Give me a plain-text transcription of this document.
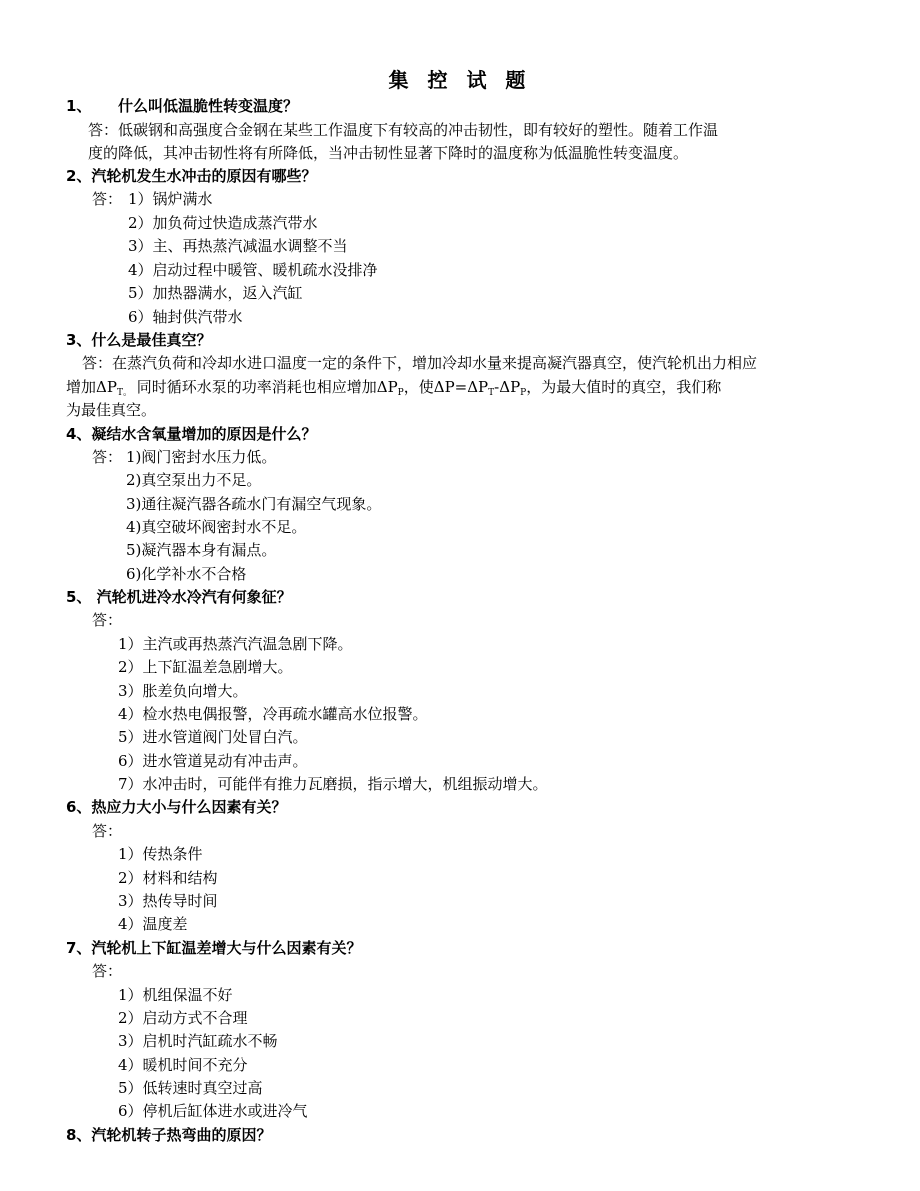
集 控 试 题
1、 什么叫低温脆性转变温度？
答：低碳钢和高强度合金钢在某些工作温度下有较高的冲击韧性，即有较好的塑性。随着工作温
度的降低，其冲击韧性将有所降低，当冲击韧性显著下降时的温度称为低温脆性转变温度。
2、汽轮机发生水冲击的原因有哪些？
答： 1）锅炉满水
2）加负荷过快造成蒸汽带水
3）主、再热蒸汽减温水调整不当
4）启动过程中暖管、暖机疏水没排净
5）加热器满水，返入汽缸
6）轴封供汽带水
3、什么是最佳真空？
答：在蒸汽负荷和冷却水进口温度一定的条件下，增加冷却水量来提高凝汽器真空，使汽轮机出力相应
增加$\Delta P_{T。}$ 同时循环水泵的功率消耗也相应增加$\Delta P_P$，使$\Delta P=\Delta P_T-\Delta P_P$，为最大值时的真空，我们称
为最佳真空。
4、凝结水含氧量增加的原因是什么？
答： 1)阀门密封水压力低。
2)真空泵出力不足。
3)通往凝汽器各疏水门有漏空气现象。
4)真空破坏阀密封水不足。
5)凝汽器本身有漏点。
6)化学补水不合格
5、 汽轮机进冷水冷汽有何象征？
答：
1）主汽或再热蒸汽汽温急剧下降。
2）上下缸温差急剧增大。
3）胀差负向增大。
4）检水热电偶报警，冷再疏水罐高水位报警。
5）进水管道阀门处冒白汽。
6）进水管道晃动有冲击声。
7）水冲击时，可能伴有推力瓦磨损，指示增大，机组振动增大。
6、热应力大小与什么因素有关？
答：
1）传热条件
2）材料和结构
3）热传导时间
4）温度差
7、汽轮机上下缸温差增大与什么因素有关？
答：
1）机组保温不好
2）启动方式不合理
3）启机时汽缸疏水不畅
4）暖机时间不充分
5）低转速时真空过高
6）停机后缸体进水或进冷气
8、汽轮机转子热弯曲的原因？
